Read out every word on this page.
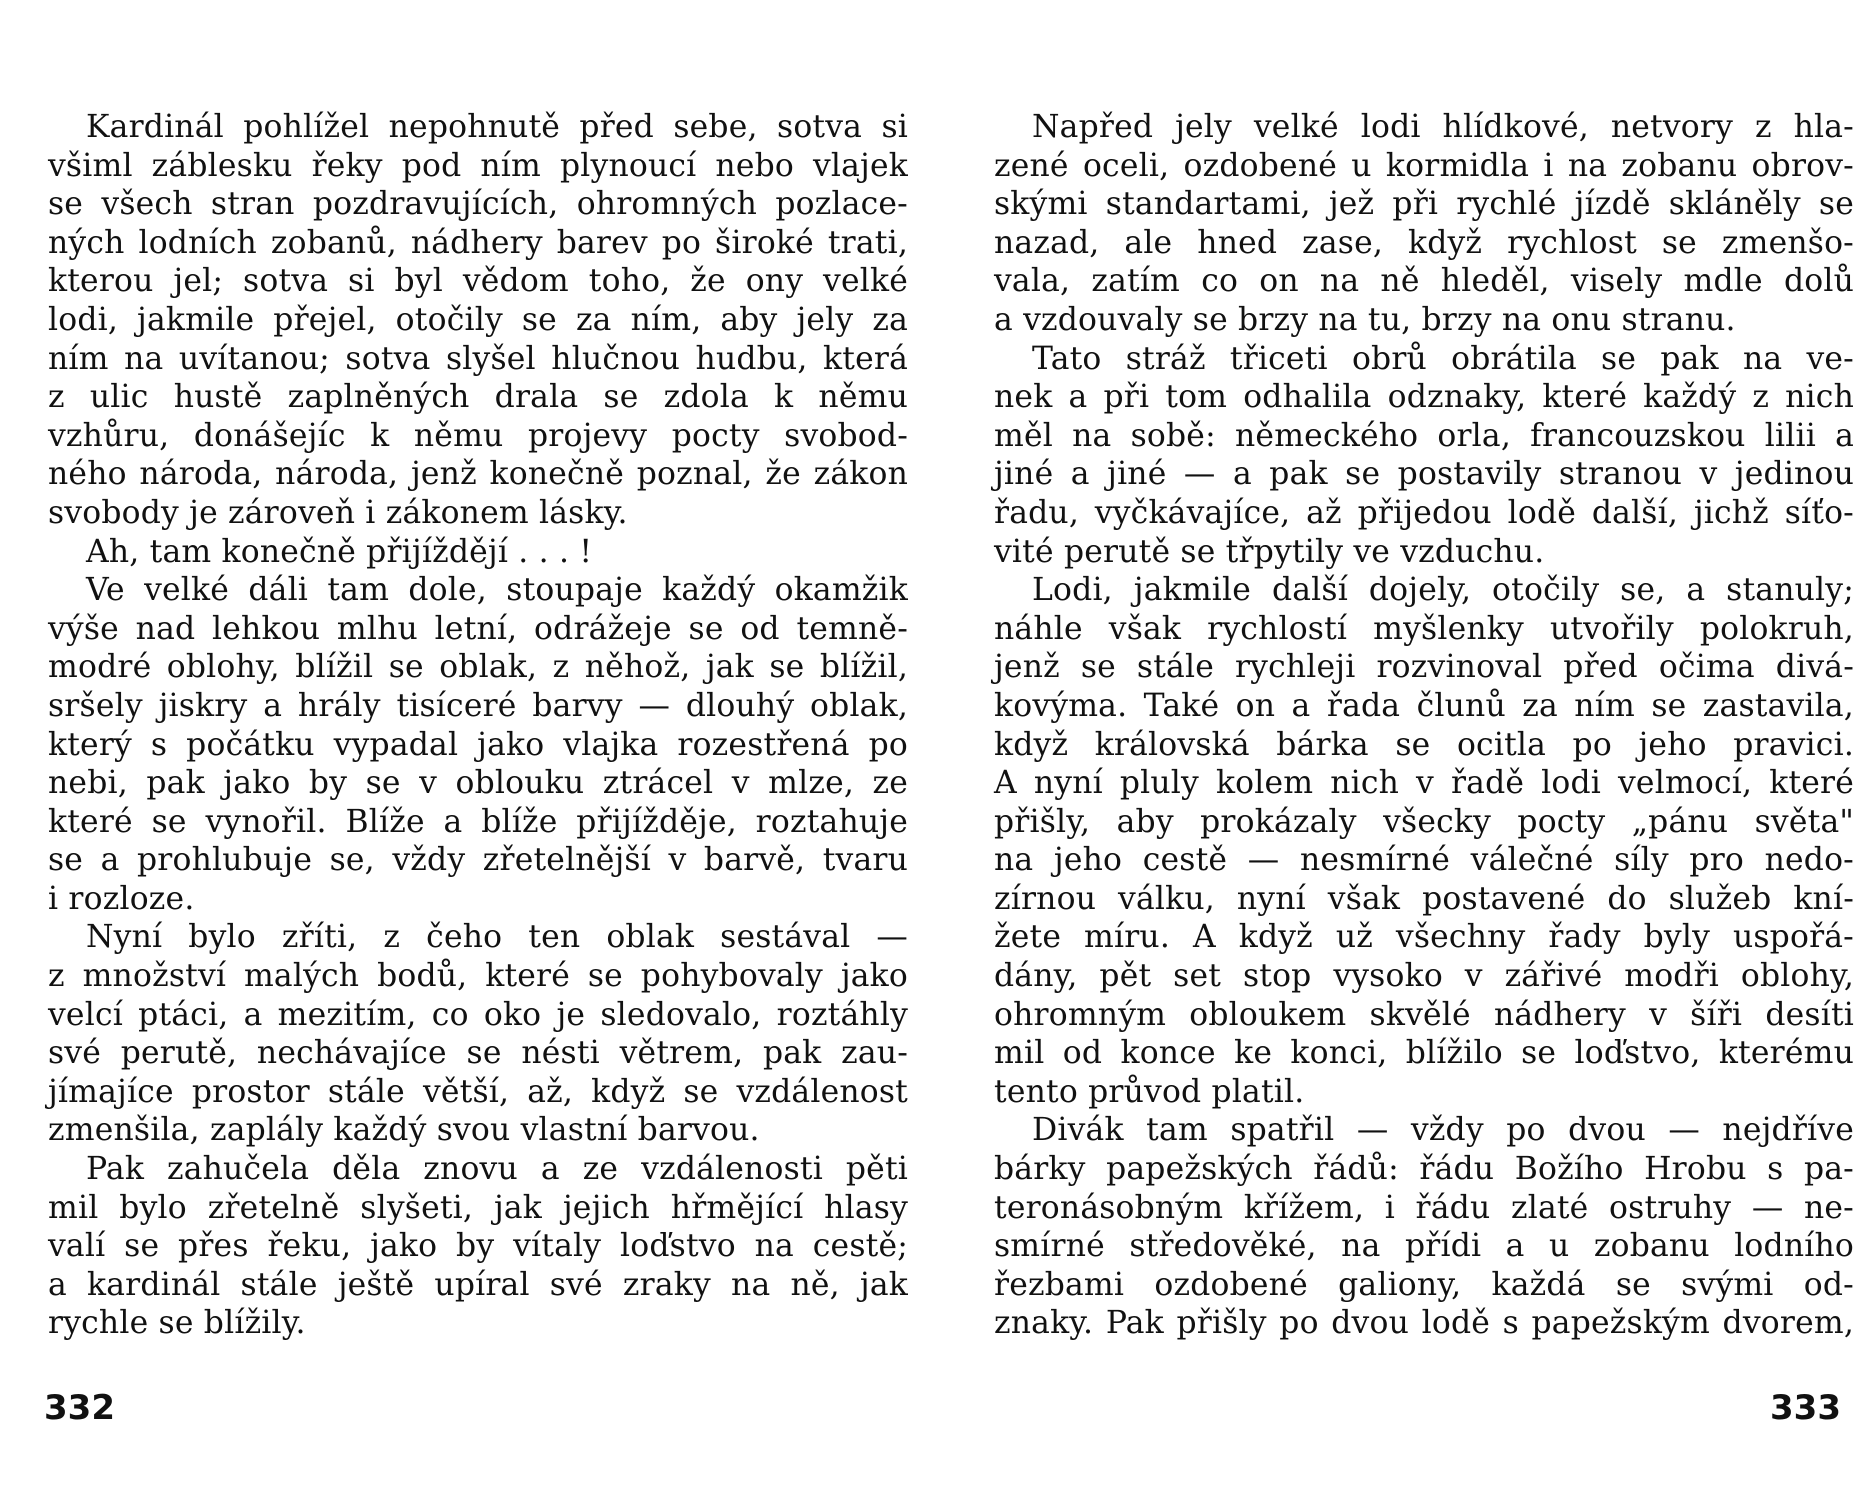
Kardinál pohlížel nepohnutě před sebe, sotva si
všiml záblesku řeky pod ním plynoucí nebo vlajek
se všech stran pozdravujících, ohromných pozlace-
ných lodních zobanů, nádhery barev po široké trati,
kterou jel; sotva si byl vědom toho, že ony velké
lodi, jakmile přejel, otočily se za ním, aby jely za
ním na uvítanou; sotva slyšel hlučnou hudbu, která
z ulic hustě zaplněných drala se zdola k němu
vzhůru, donášejíc k němu projevy pocty svobod-
ného národa, národa, jenž konečně poznal, že zákon
svobody je zároveň i zákonem lásky.
Ah, tam konečně přijíždějí . . . !
Ve velké dáli tam dole, stoupaje každý okamžik
výše nad lehkou mlhu letní, odrážeje se od temně-
modré oblohy, blížil se oblak, z něhož, jak se blížil,
sršely jiskry a hrály tisíceré barvy — dlouhý oblak,
který s počátku vypadal jako vlajka rozestřená po
nebi, pak jako by se v oblouku ztrácel v mlze, ze
které se vynořil. Blíže a blíže přijížděje, roztahuje
se a prohlubuje se, vždy zřetelnější v barvě, tvaru
i rozloze.
Nyní bylo zříti, z čeho ten oblak sestával —
z množství malých bodů, které se pohybovaly jako
velcí ptáci, a mezitím, co oko je sledovalo, roztáhly
své perutě, nechávajíce se nésti větrem, pak zau-
jímajíce prostor stále větší, až, když se vzdálenost
zmenšila, zaplály každý svou vlastní barvou.
Pak zahučela děla znovu a ze vzdálenosti pěti
mil bylo zřetelně slyšeti, jak jejich hřmějící hlasy
valí se přes řeku, jako by vítaly loďstvo na cestě;
a kardinál stále ještě upíral své zraky na ně, jak
rychle se blížily.
332
Napřed jely velké lodi hlídkové, netvory z hla-
zené oceli, ozdobené u kormidla i na zobanu obrov-
skými standartami, jež při rychlé jízdě skláněly se
nazad, ale hned zase, když rychlost se zmenšo-
vala, zatím co on na ně hleděl, visely mdle dolů
a vzdouvaly se brzy na tu, brzy na onu stranu.
Tato stráž třiceti obrů obrátila se pak na ve-
nek a při tom odhalila odznaky, které každý z nich
měl na sobě: německého orla, francouzskou lilii a
jiné a jiné — a pak se postavily stranou v jedinou
řadu, vyčkávajíce, až přijedou lodě další, jichž síťo-
vité perutě se třpytily ve vzduchu.
Lodi, jakmile další dojely, otočily se, a stanuly;
náhle však rychlostí myšlenky utvořily polokruh,
jenž se stále rychleji rozvinoval před očima divá-
kovýma. Také on a řada člunů za ním se zastavila,
když královská bárka se ocitla po jeho pravici.
A nyní pluly kolem nich v řadě lodi velmocí, které
přišly, aby prokázaly všecky pocty „pánu světa"
na jeho cestě — nesmírné válečné síly pro nedo-
zírnou válku, nyní však postavené do služeb kní-
žete míru. A když už všechny řady byly uspořá-
dány, pět set stop vysoko v zářivé modři oblohy,
ohromným obloukem skvělé nádhery v šíři desíti
mil od konce ke konci, blížilo se loďstvo, kterému
tento průvod platil.
Divák tam spatřil — vždy po dvou — nejdříve
bárky papežských řádů: řádu Božího Hrobu s pa-
teronásobným křížem, i řádu zlaté ostruhy — ne-
smírné středověké, na přídi a u zobanu lodního
řezbami ozdobené galiony, každá se svými od-
znaky. Pak přišly po dvou lodě s papežským dvorem,
333
